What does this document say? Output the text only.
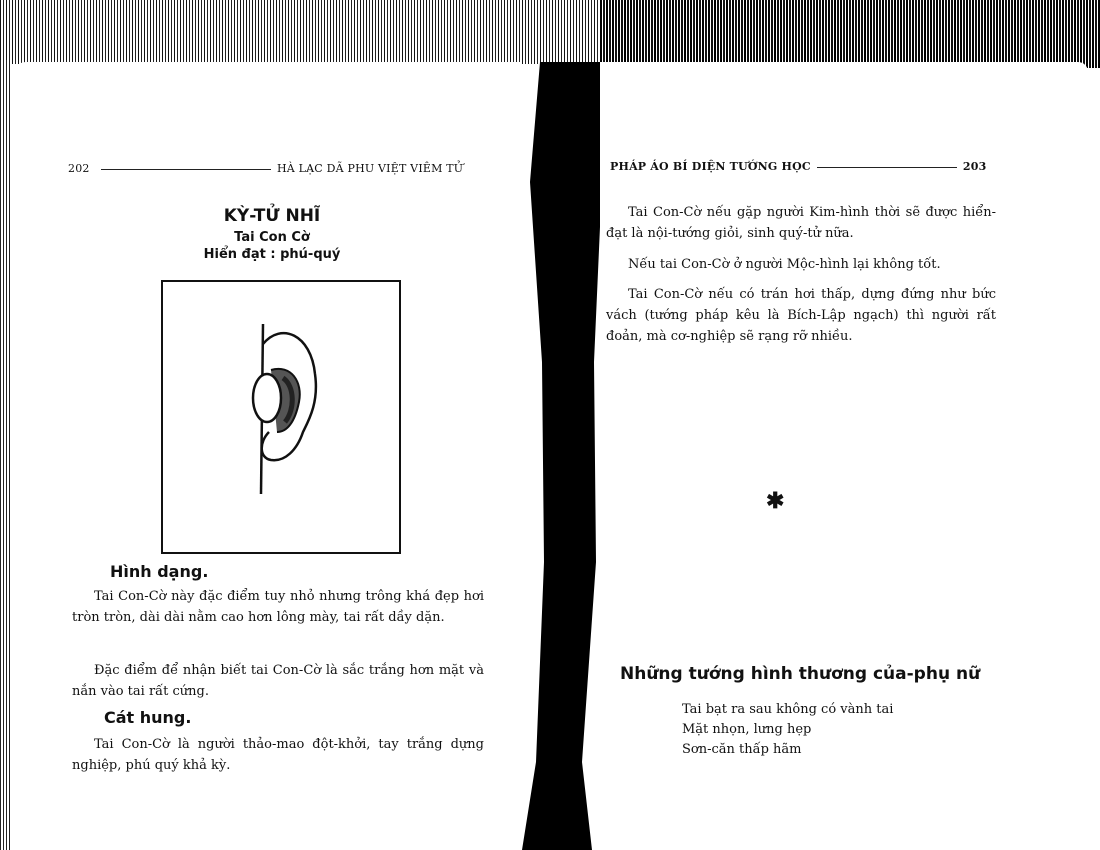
202	HÀ LẠC DÃ PHU VIỆT VIÊM TỬ
KỲ-TỬ NHĨ
Tai Con Cờ
Hiển đạt : phú-quý
Hình dạng.
Tai Con-Cờ này đặc điểm tuy nhỏ nhưng trông khá đẹp hơi tròn tròn, dài dài nằm cao hơn lông mày, tai rất dầy dặn.
Đặc điểm để nhận biết tai Con-Cờ là sắc trắng hơn mặt và nắn vào tai rất cứng.
Cát hung.
Tai Con-Cờ là người thảo-mao đột-khởi, tay trắng dựng nghiệp, phú quý khả kỳ.
PHÁP ÁO BÍ DIỆN TƯỚNG HỌC	203
Tai Con-Cờ nếu gặp người Kim-hình thời sẽ được hiển-đạt là nội-tướng giỏi, sinh quý-tử nữa.
Nếu tai Con-Cờ ở người Mộc-hình lại không tốt.
Tai Con-Cờ nếu có trán hơi thấp, dựng đứng như bức vách (tướng pháp kêu là Bích-Lập ngạch) thì người rất đoản, mà cơ-nghiệp sẽ rạng rỡ nhiều.
✱
Những tướng hình thương của-phụ nữ
Tai bạt ra sau không có vành tai
Mặt nhọn, lưng hẹp
Sơn-căn thấp hãm
